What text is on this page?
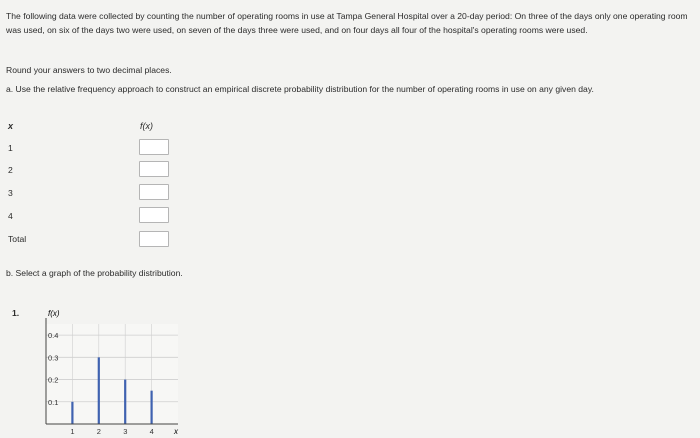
The following data were collected by counting the number of operating rooms in use at Tampa General Hospital over a 20-day period: On three of the days only one operating room was used, on six of the days two were used, on seven of the days three were used, and on four days all four of the hospital's operating rooms were used.
Round your answers to two decimal places.
a. Use the relative frequency approach to construct an empirical discrete probability distribution for the number of operating rooms in use on any given day.
x	f(x)
1
2
3
4
Total
b. Select a graph of the probability distribution.
1.	f(x)
x
0.4
0.3
0.2
0.1
1	2	3	4
